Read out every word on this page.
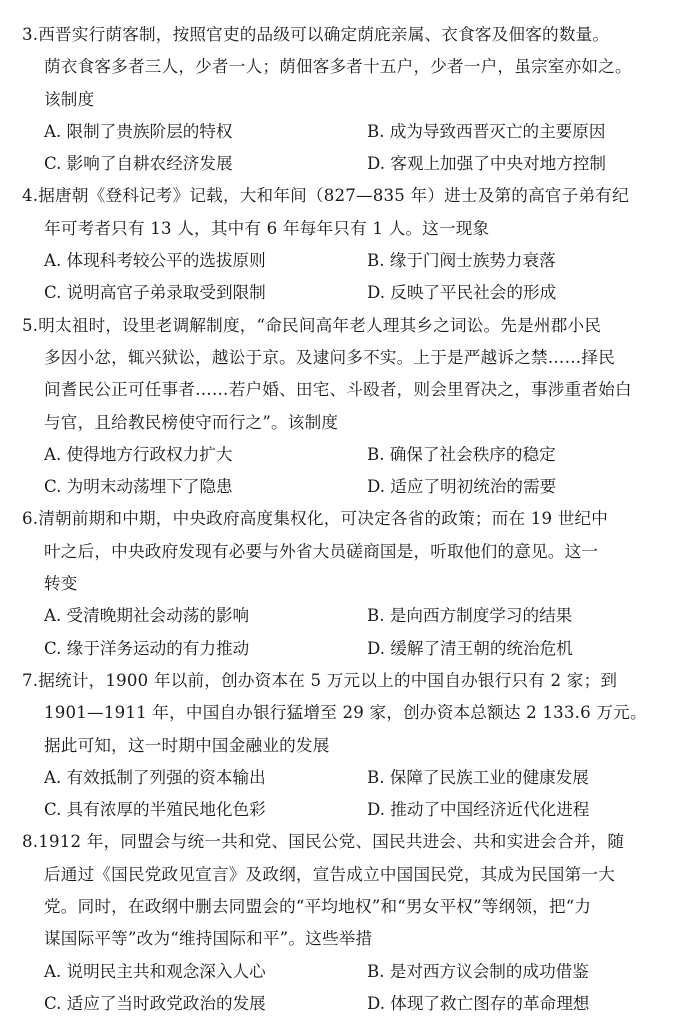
3.西晋实行荫客制，按照官吏的品级可以确定荫庇亲属、衣食客及佃客的数量。

荫衣食客多者三人，少者一人；荫佃客多者十五户，少者一户，虽宗室亦如之。

该制度

A. 限制了贵族阶层的特权	B. 成为导致西晋灭亡的主要原因
C. 影响了自耕农经济发展	D. 客观上加强了中央对地方控制

4.据唐朝《登科记考》记载，大和年间（827—835 年）进士及第的高官子弟有纪

年可考者只有 13 人，其中有 6 年每年只有 1 人。这一现象

A. 体现科考较公平的选拔原则	B. 缘于门阀士族势力衰落
C. 说明高官子弟录取受到限制	D. 反映了平民社会的形成

5.明太祖时，设里老调解制度，“命民间高年老人理其乡之词讼。先是州郡小民

多因小忿，辄兴狱讼，越讼于京。及逮问多不实。上于是严越诉之禁……择民

间耆民公正可任事者……若户婚、田宅、斗殴者，则会里胥决之，事涉重者始白

与官，且给教民榜使守而行之”。该制度

A. 使得地方行政权力扩大	B. 确保了社会秩序的稳定
C. 为明末动荡埋下了隐患	D. 适应了明初统治的需要

6.清朝前期和中期，中央政府高度集权化，可决定各省的政策；而在 19 世纪中

叶之后，中央政府发现有必要与外省大员磋商国是，听取他们的意见。这一

转变

A. 受清晚期社会动荡的影响	B. 是向西方制度学习的结果
C. 缘于洋务运动的有力推动	D. 缓解了清王朝的统治危机

7.据统计，1900 年以前，创办资本在 5 万元以上的中国自办银行只有 2 家；到

1901—1911 年，中国自办银行猛增至 29 家，创办资本总额达 2 133.6 万元。

据此可知，这一时期中国金融业的发展

A. 有效抵制了列强的资本输出	B. 保障了民族工业的健康发展
C. 具有浓厚的半殖民地化色彩	D. 推动了中国经济近代化进程

8.1912 年，同盟会与统一共和党、国民公党、国民共进会、共和实进会合并，随

后通过《国民党政见宣言》及政纲，宣告成立中国国民党，其成为民国第一大

党。同时，在政纲中删去同盟会的“平均地权”和“男女平权”等纲领，把“力

谋国际平等”改为“维持国际和平”。这些举措

A. 说明民主共和观念深入人心	B. 是对西方议会制的成功借鉴
C. 适应了当时政党政治的发展	D. 体现了救亡图存的革命理想
